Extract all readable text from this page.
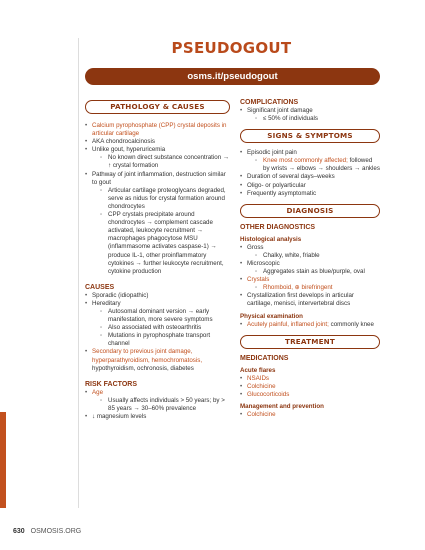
PSEUDOGOUT
osms.it/pseudogout
PATHOLOGY & CAUSES
• Calcium pyrophosphate (CPP) crystal deposits in articular cartilage
• AKA chondrocalcinosis
• Unlike gout, hyperuricemia
◦ No known direct substance concentration → ↑ crystal formation
• Pathway of joint inflammation, destruction similar to gout
◦ Articular cartilage proteoglycans degraded, serve as nidus for crystal formation around chondrocytes
◦ CPP crystals precipitate around chondrocytes → complement cascade activated, leukocyte recruitment → macrophages phagocytose MSU (inflammasome activates caspase-1) → produce IL-1, other proinflammatory cytokines → further leukocyte recruitment, cytokine production
CAUSES
• Sporadic (idiopathic)
• Hereditary
◦ Autosomal dominant version → early manifestation, more severe symptoms
◦ Also associated with osteoarthritis
◦ Mutations in pyrophosphate transport channel
• Secondary to previous joint damage, hyperparathyroidism, hemochromatosis, hypothyroidism, ochronosis, diabetes
RISK FACTORS
• Age
◦ Usually affects individuals > 50 years; by > 85 years → 30–60% prevalence
• ↓ magnesium levels
COMPLICATIONS
• Significant joint damage
◦ ≤ 50% of individuals
SIGNS & SYMPTOMS
• Episodic joint pain
◦ Knee most commonly affected; followed by wrists → elbows → shoulders → ankles
• Duration of several days–weeks
• Oligo- or polyarticular
• Frequently asymptomatic
DIAGNOSIS
OTHER DIAGNOSTICS
Histological analysis
• Gross
◦ Chalky, white, friable
• Microscopic
◦ Aggregates stain as blue/purple, oval
• Crystals
◦ Rhomboid, ⊕ birefringent
• Crystallization first develops in articular cartilage, menisci, intervertebral discs
Physical examination
• Acutely painful, inflamed joint; commonly knee
TREATMENT
MEDICATIONS
Acute flares
• NSAIDs
• Colchicine
• Glucocorticoids
Management and prevention
• Colchicine
630 OSMOSIS.ORG
